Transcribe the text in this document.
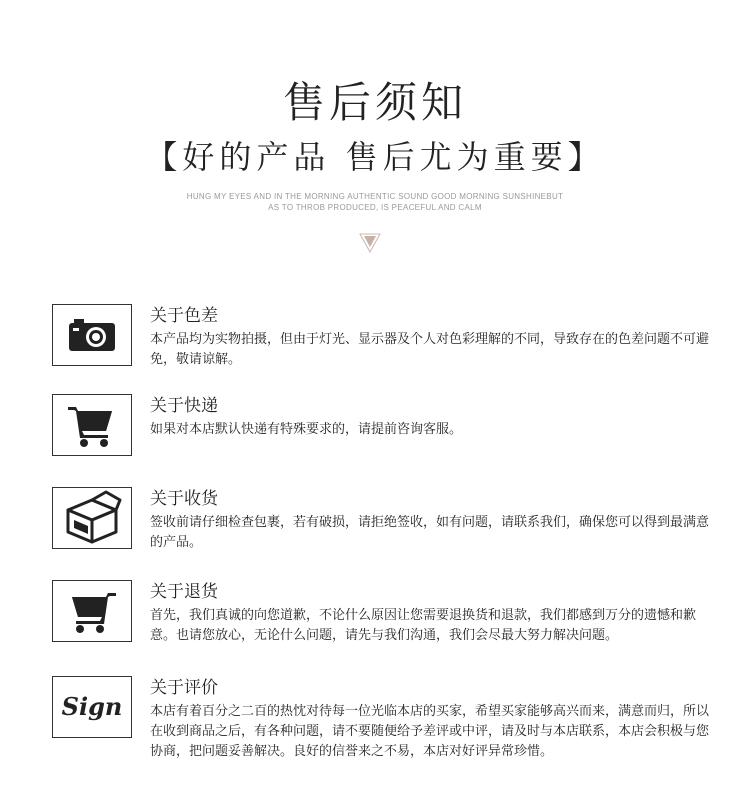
售后须知
【好的产品 售后尤为重要】
HUNG MY EYES AND IN THE MORNING AUTHENTIC SOUND GOOD MORNING SUNSHINEBUT
AS TO THROB PRODUCED, IS PEACEFUL AND CALM
关于色差
本产品均为实物拍摄，但由于灯光、显示器及个人对色彩理解的不同，导致存在的色差问题不可避免，敬请谅解。
关于快递
如果对本店默认快递有特殊要求的，请提前咨询客服。
关于收货
签收前请仔细检查包裹，若有破损，请拒绝签收，如有问题，请联系我们，确保您可以得到最满意的产品。
关于退货
首先，我们真诚的向您道歉，不论什么原因让您需要退换货和退款，我们都感到万分的遗憾和歉意。也请您放心，无论什么问题，请先与我们沟通，我们会尽最大努力解决问题。
Sign
关于评价
本店有着百分之二百的热忱对待每一位光临本店的买家，希望买家能够高兴而来，满意而归，所以在收到商品之后，有各种问题，请不要随便给予差评或中评，请及时与本店联系，本店会积极与您协商，把问题妥善解决。良好的信誉来之不易，本店对好评异常珍惜。
